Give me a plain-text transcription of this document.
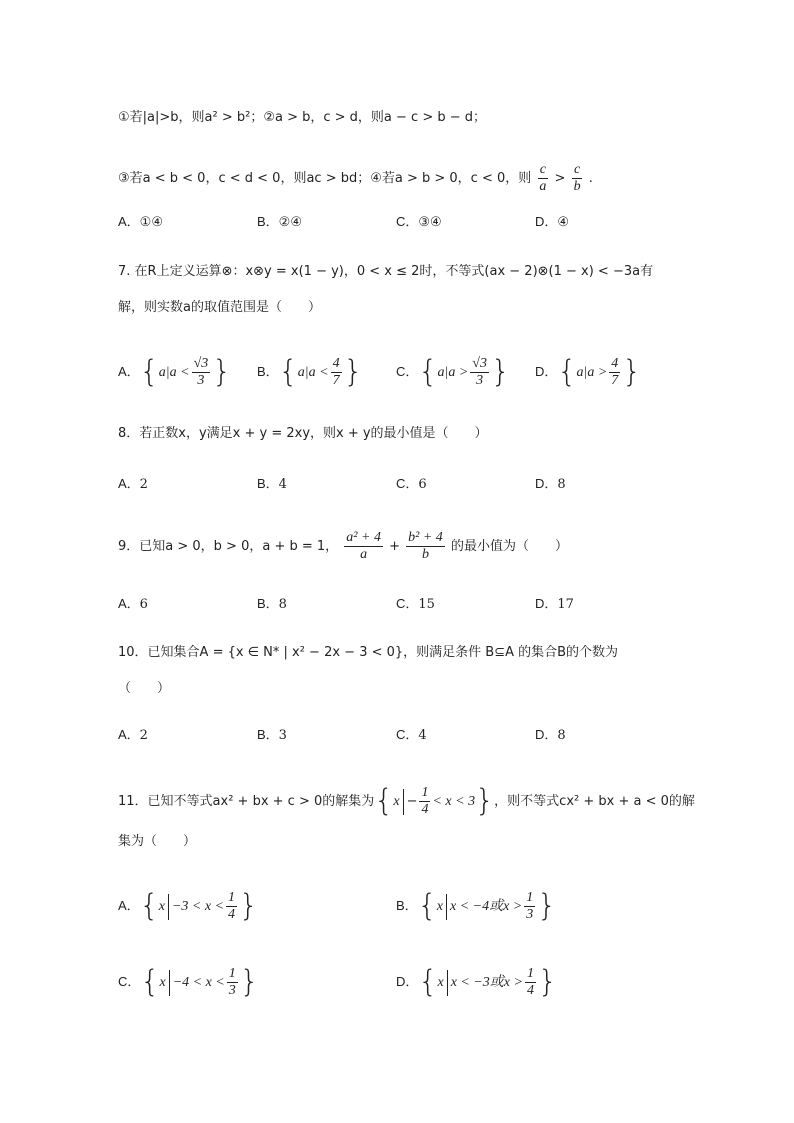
①若|a|>b，则a² > b²；②a > b，c > d，则a − c > b − d；
③若a < b < 0，c < d < 0，则ac > bd；④若a > b > 0，c < 0，则 $\frac{c}{a} > \frac{c}{b}$ .
A．①④	B．②④	C．③④	D．④
7. 在R上定义运算⊗：x⊗y = x(1 − y)，0 < x ≤ 2时，不等式(ax − 2)⊗(1 − x) < −3a有
解，则实数a的取值范围是（　　）
A．{$a|a < \frac{√3}{3}$ } B．{$a|a < \frac{4}{7}$ }	C．{$a|a > \frac{√3}{3}$ } D．{$a|a > \frac{4}{7}$ }
8．若正数x，y满足x + y = 2xy，则x + y的最小值是（　　）
A．2	B．4	C．6	D．8
9．已知a > 0，b > 0，a + b = 1， $\frac{\text{a² + 4}}{a} + \frac{\text{b² + 4}}{b}$ 的最小值为（　　）
A．6	B．8	C．15	D．17
10．已知集合A = {x ∈ N* | x² − 2x − 3 < 0}，则满足条件 B⊆A 的集合B的个数为
（　　）
A．2	B．3	C．4	D．8
11．已知不等式ax² + bx + c > 0的解集为$\{x - \frac{1}{4} < x < 3\}$，则不等式cx² + bx + a < 0的解
集为（　　）
A．{$x -3 < x < \frac{1}{4}$ }	B．{x x < −4或$x > \frac{1}{3}$ }
C．{$x -4 < x < \frac{1}{3}$ }	D．{x x < −3或$x > \frac{1}{4}$ }
